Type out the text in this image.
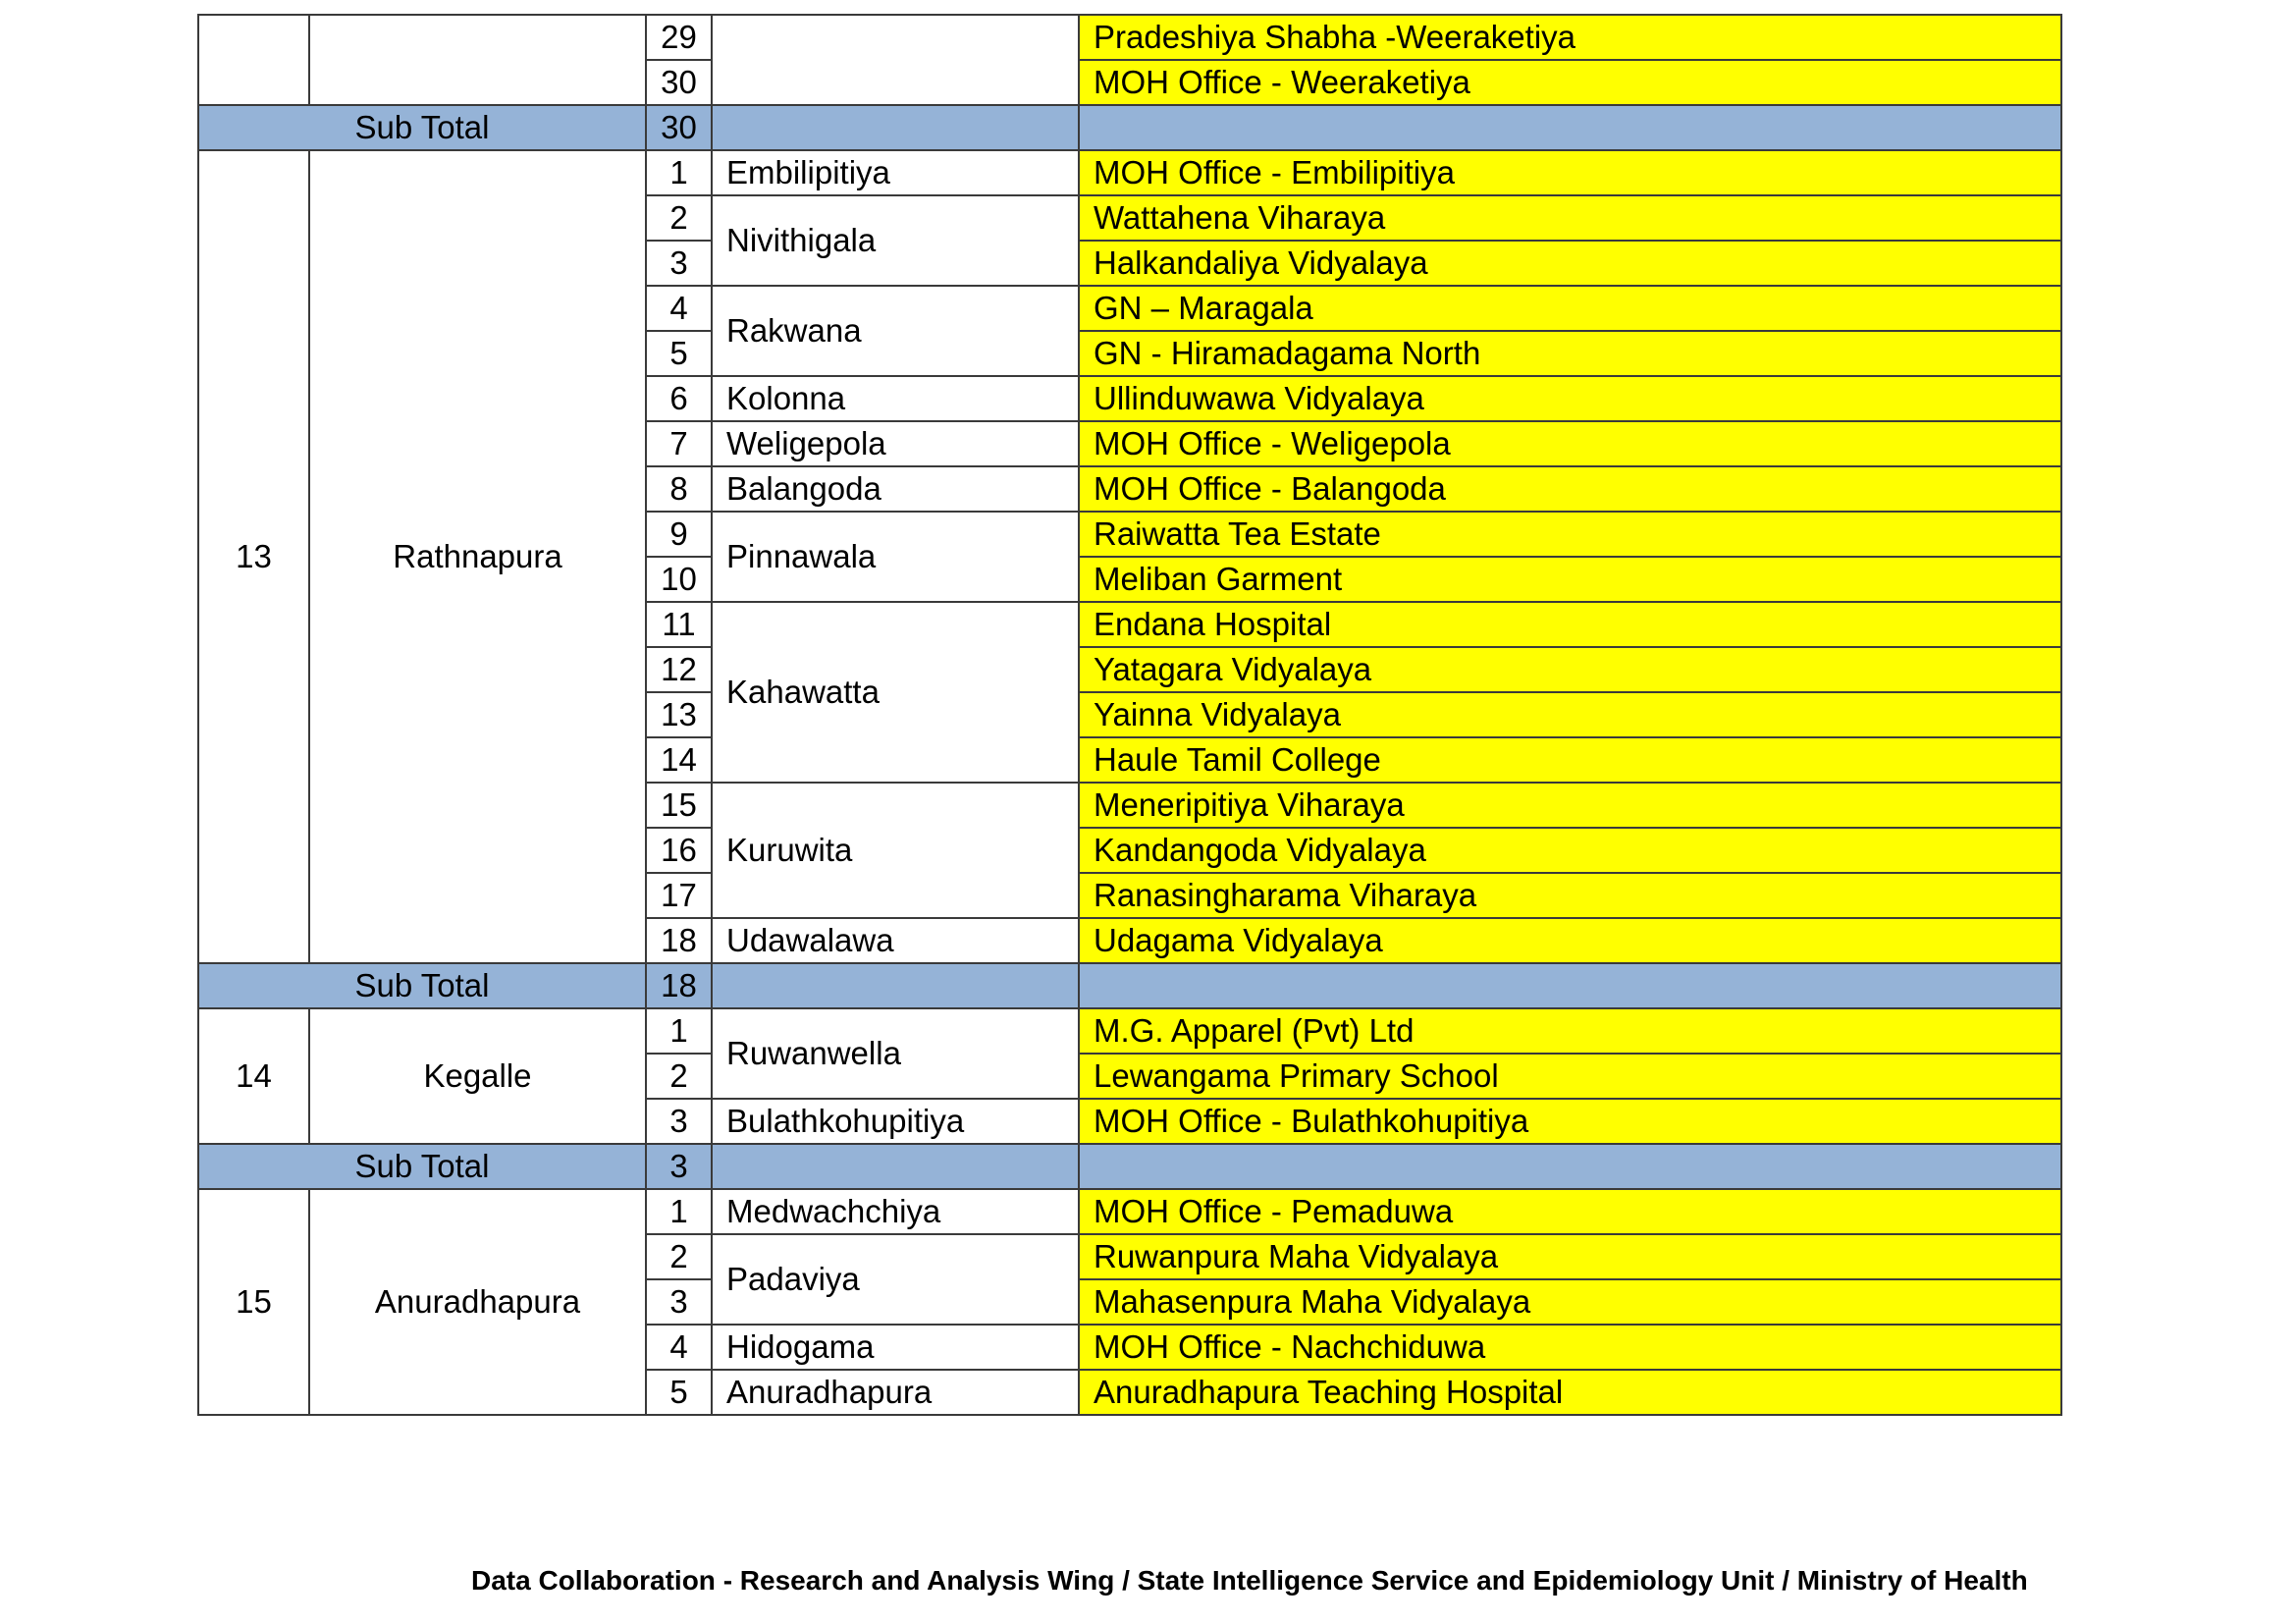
		29		Pradeshiya Shabha -Weeraketiya
		30		MOH Office - Weeraketiya
Sub Total		30		
13	Rathnapura	1	Embilipitiya	MOH Office - Embilipitiya
		2	Nivithigala	Wattahena Viharaya
		3		Halkandaliya Vidyalaya
		4	Rakwana	GN – Maragala
		5		GN - Hiramadagama North
		6	Kolonna	Ullinduwawa Vidyalaya
		7	Weligepola	MOH Office - Weligepola
		8	Balangoda	MOH Office - Balangoda
		9	Pinnawala	Raiwatta Tea Estate
		10		Meliban Garment
		11	Kahawatta	Endana Hospital
		12		Yatagara Vidyalaya
		13		Yainna Vidyalaya
		14		Haule Tamil College
		15	Kuruwita	Meneripitiya Viharaya
		16		Kandangoda Vidyalaya
		17		Ranasingharama Viharaya
		18	Udawalawa	Udagama Vidyalaya
Sub Total		18		
14	Kegalle	1	Ruwanwella	M.G. Apparel (Pvt) Ltd
		2		Lewangama Primary School
		3	Bulathkohupitiya	MOH Office - Bulathkohupitiya
Sub Total		3		
15	Anuradhapura	1	Medwachchiya	MOH Office - Pemaduwa
		2	Padaviya	Ruwanpura Maha Vidyalaya
		3		Mahasenpura Maha Vidyalaya
		4	Hidogama	MOH Office - Nachchiduwa
		5	Anuradhapura	Anuradhapura Teaching Hospital
Data Collaboration - Research and Analysis Wing / State Intelligence Service and Epidemiology Unit / Ministry of Health
